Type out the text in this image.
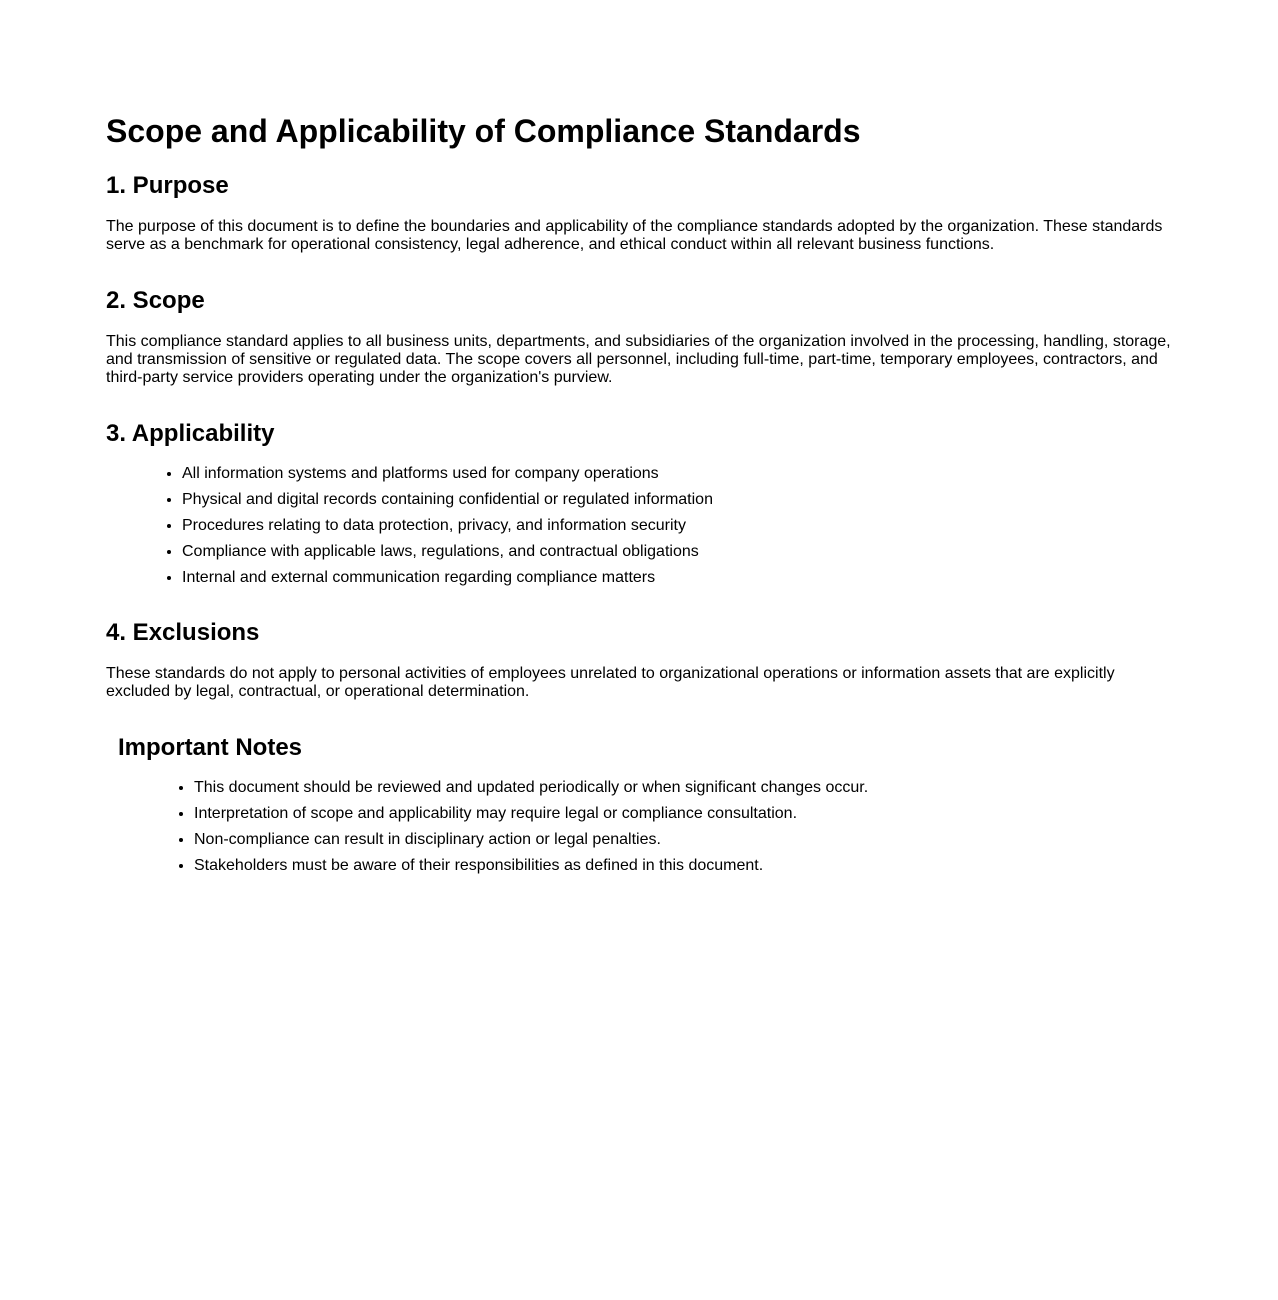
Scope and Applicability of Compliance Standards
1. Purpose

The purpose of this document is to define the boundaries and applicability of the compliance standards adopted by the organization. These standards serve as a benchmark for operational consistency, legal adherence, and ethical conduct within all relevant business functions.

2. Scope

This compliance standard applies to all business units, departments, and subsidiaries of the organization involved in the processing, handling, storage, and transmission of sensitive or regulated data. The scope covers all personnel, including full-time, part-time, temporary employees, contractors, and third-party service providers operating under the organization's purview.

3. Applicability
• All information systems and platforms used for company operations
• Physical and digital records containing confidential or regulated information
• Procedures relating to data protection, privacy, and information security
• Compliance with applicable laws, regulations, and contractual obligations
• Internal and external communication regarding compliance matters
4. Exclusions

These standards do not apply to personal activities of employees unrelated to organizational operations or information assets that are explicitly excluded by legal, contractual, or operational determination.

Important Notes
• This document should be reviewed and updated periodically or when significant changes occur.
• Interpretation of scope and applicability may require legal or compliance consultation.
• Non-compliance can result in disciplinary action or legal penalties.
• Stakeholders must be aware of their responsibilities as defined in this document.
